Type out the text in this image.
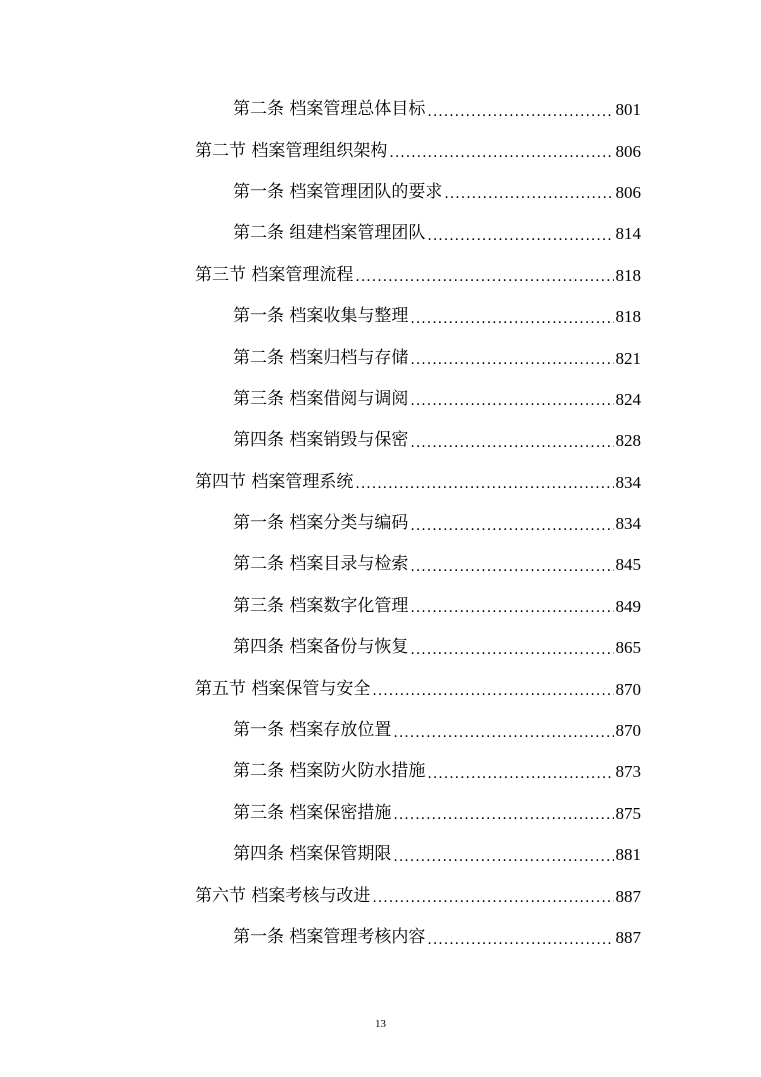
第二条 档案管理总体目标 .....	801
第二节 档案管理组织架构 .....	806
第一条 档案管理团队的要求 .....	806
第二条 组建档案管理团队 .....	814
第三节 档案管理流程 .....	818
第一条 档案收集与整理 .....	818
第二条 档案归档与存储 .....	821
第三条 档案借阅与调阅 .....	824
第四条 档案销毁与保密 .....	828
第四节 档案管理系统 .....	834
第一条 档案分类与编码 .....	834
第二条 档案目录与检索 .....	845
第三条 档案数字化管理 .....	849
第四条 档案备份与恢复 .....	865
第五节 档案保管与安全 .....	870
第一条 档案存放位置 .....	870
第二条 档案防火防水措施 .....	873
第三条 档案保密措施 .....	875
第四条 档案保管期限 .....	881
第六节 档案考核与改进 .....	887
第一条 档案管理考核内容 .....	887
13
